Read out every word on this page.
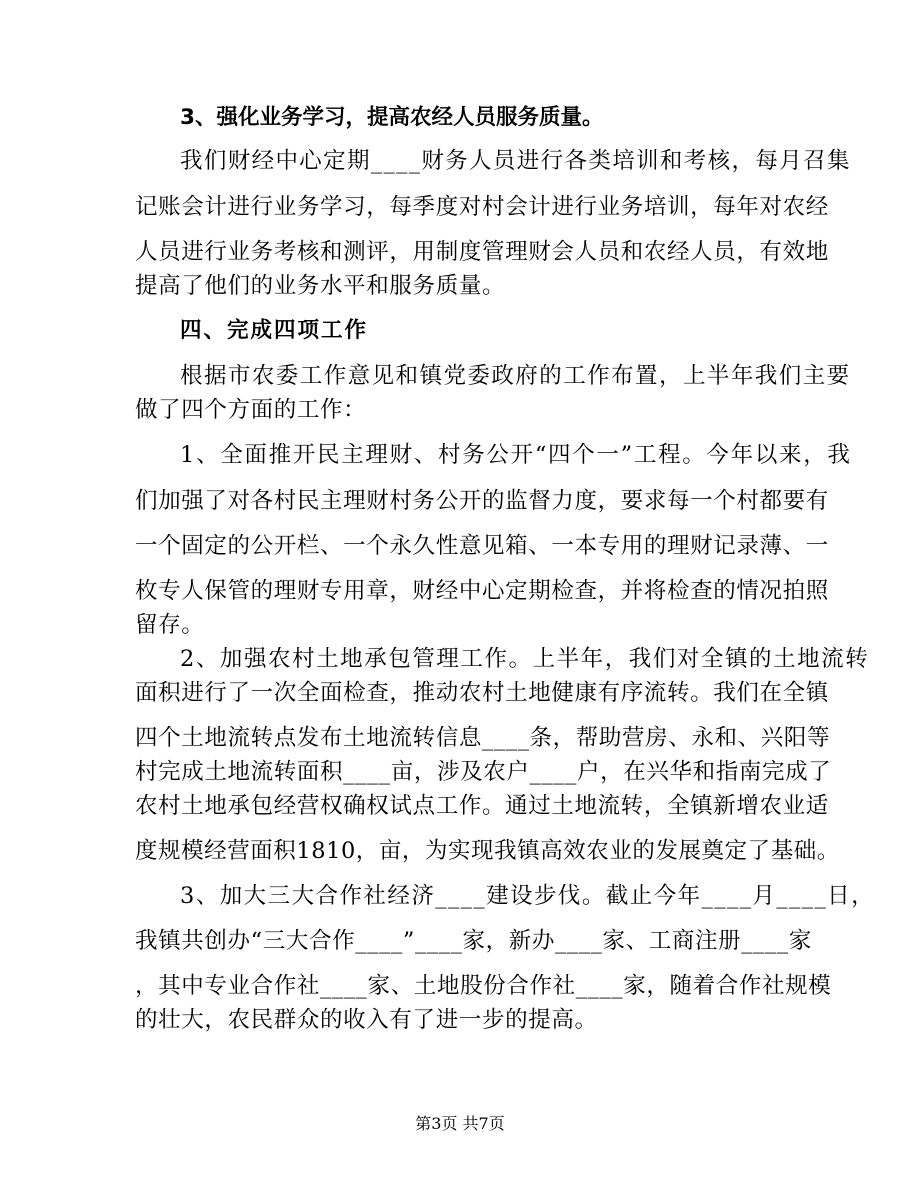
3、强化业务学习，提高农经人员服务质量。
我们财经中心定期____财务人员进行各类培训和考核，每月召集
记账会计进行业务学习，每季度对村会计进行业务培训，每年对农经
人员进行业务考核和测评，用制度管理财会人员和农经人员，有效地
提高了他们的业务水平和服务质量。
四、完成四项工作
根据市农委工作意见和镇党委政府的工作布置，上半年我们主要
做了四个方面的工作：
1、全面推开民主理财、村务公开“四个一”工程。今年以来，我
们加强了对各村民主理财村务公开的监督力度，要求每一个村都要有
一个固定的公开栏、一个永久性意见箱、一本专用的理财记录薄、一
枚专人保管的理财专用章，财经中心定期检查，并将检查的情况拍照
留存。
2、加强农村土地承包管理工作。上半年，我们对全镇的土地流转
面积进行了一次全面检查，推动农村土地健康有序流转。我们在全镇
四个土地流转点发布土地流转信息____条，帮助营房、永和、兴阳等
村完成土地流转面积____亩，涉及农户____户，在兴华和指南完成了
农村土地承包经营权确权试点工作。通过土地流转，全镇新增农业适
度规模经营面积1810，亩，为实现我镇高效农业的发展奠定了基础。
3、加大三大合作社经济____建设步伐。截止今年____月____日，
我镇共创办“三大合作____”____家，新办____家、工商注册____家
，其中专业合作社____家、土地股份合作社____家，随着合作社规模
的壮大，农民群众的收入有了进一步的提高。
第3页 共7页
